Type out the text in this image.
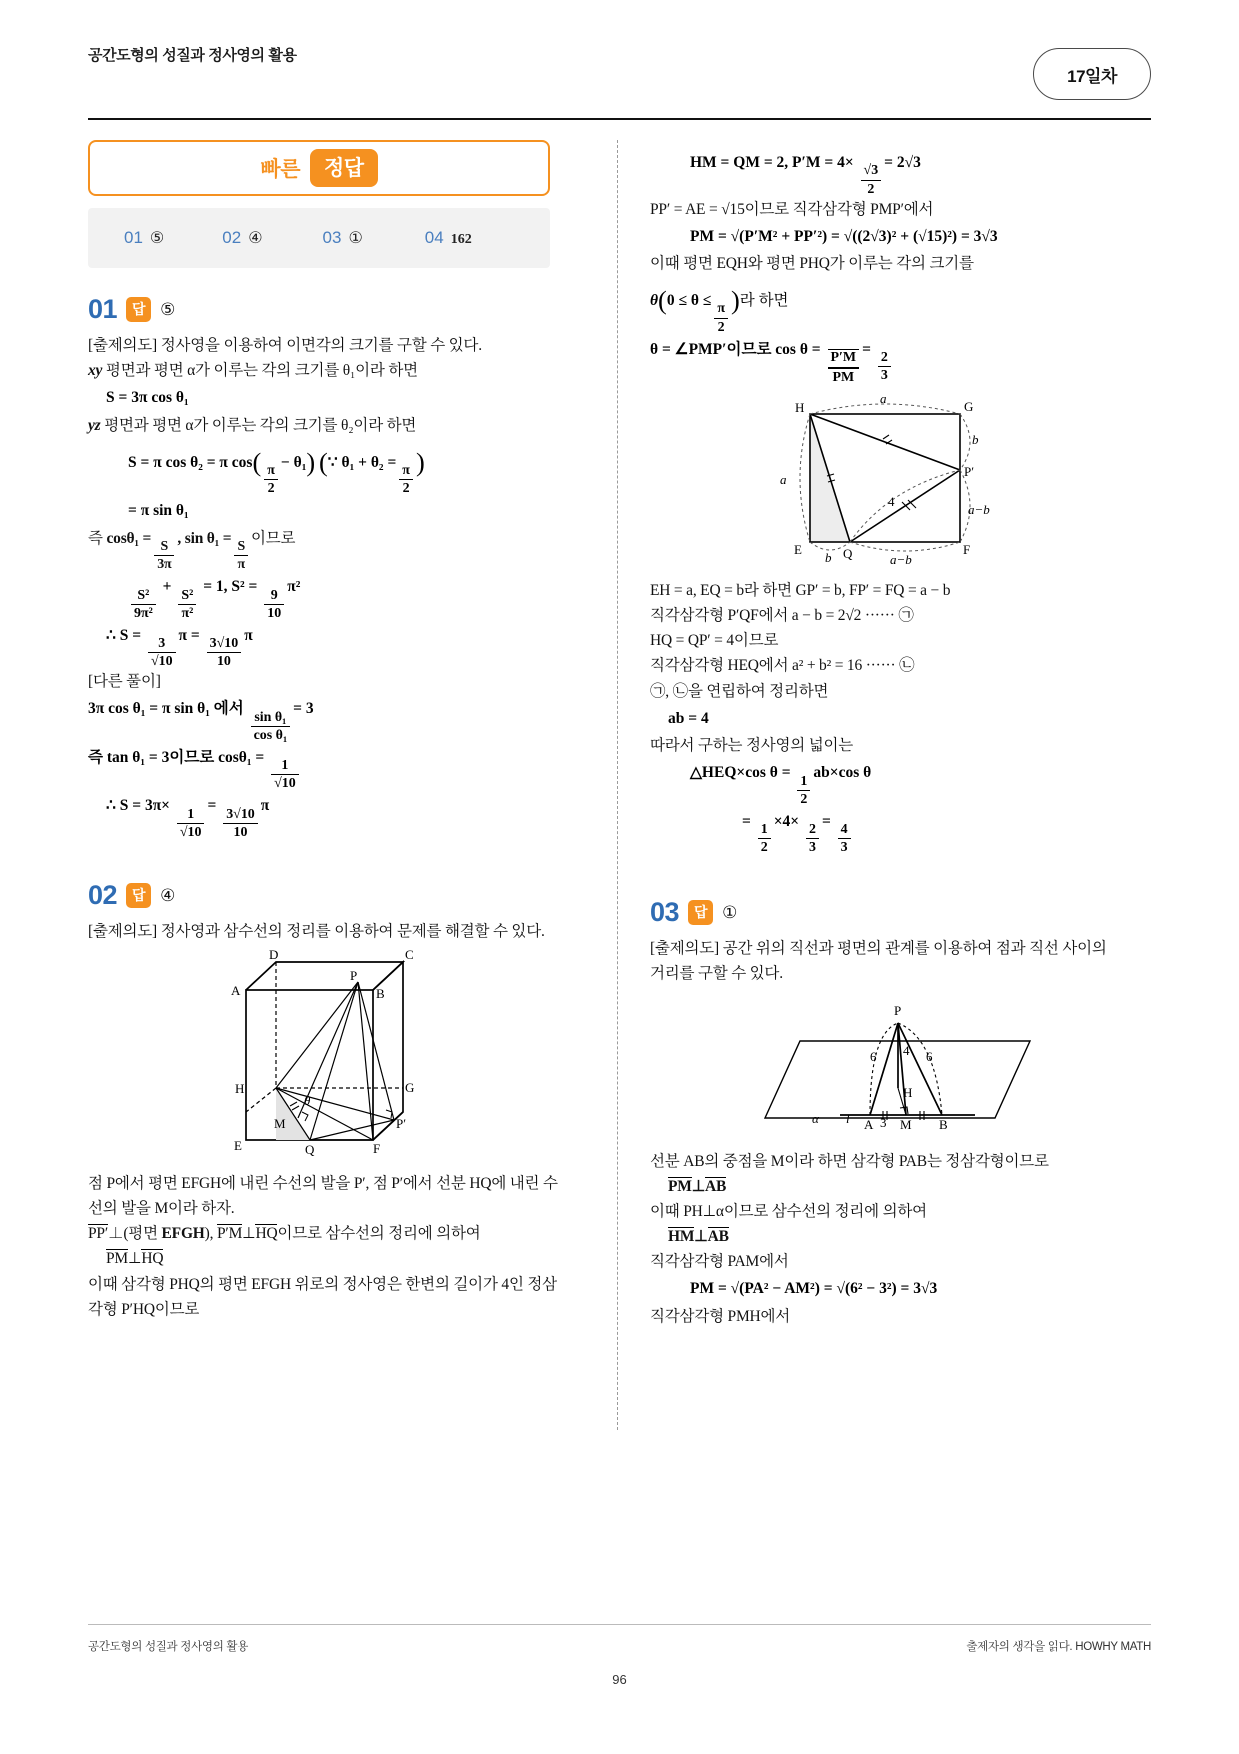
공간도형의 성질과 정사영의 활용
17일차
빠른	정답
01 ⑤	02 ④	03 ①	04 162
01	답 ⑤
[출제의도] 정사영을 이용하여 이면각의 크기를 구할 수 있다.
xy 평면과 평면 α가 이루는 각의 크기를 θ₁이라 하면
S = 3π cos θ₁
yz 평면과 평면 α가 이루는 각의 크기를 θ₂이라 하면
S = π cos θ₂ = π cos(
$\frac{\pi}{2}$
− θ₁) (∵ θ₁ + θ₂ =
$\frac{\pi}{2}$
)
= π sin θ₁
즉 cosθ₁ =
$\frac{S}{3\pi}$
, sin θ₁ =
$\frac{S}{\pi}$
이므로
$\frac{\text{S²}}{\text{9π²}}$
+
$\frac{\text{S²}}{\text{π²}}$
= 1, S² =
$\frac{9}{10}$
π²
∴ S =
$\frac{3}{√10}$
π =
$\frac{3√10}{10}$
π
[다른 풀이]
3π cos θ₁ = π sin θ₁ 에서
$\frac{\text{sin θ₁}}{\text{cos θ₁}}$
= 3
즉 tan θ₁ = 3이므로 cosθ₁ =
$\frac{1}{√10}$
∴ S = 3π×
$\frac{1}{√10}$
=
$\frac{3√10}{10}$
π
02	답 ④
[출제의도] 정사영과 삼수선의 정리를 이용하여 문제를 해결할 수 있다.
D	C
A	B
H	G
E	F
Q
P
P′
M
θ
점 P에서 평면 EFGH에 내린 수선의 발을 P′, 점 P′에서 선분 HQ에 내린 수선의 발을 M이라 하자.
PP′⊥(평면 EFGH), P′M⊥HQ이므로 삼수선의 정리에 의하여
PM⊥HQ
이때 삼각형 PHQ의 평면 EFGH 위로의 정사영은 한변의 길이가 4인 정삼각형 P′HQ이므로
HM = QM = 2, P′M = 4×
$\frac{√3}{2}$
= 2√3
PP′ = AE = √15이므로 직각삼각형 PMP′에서
PM = √(P′M² + PP′²) = √((2√3)² + (√15)²) = 3√3
이때 평면 EQH와 평면 PHQ가 이루는 각의 크기를
θ(0 ≤ θ ≤
$\frac{\pi}{2}$
)라 하면
θ = ∠PMP′이므로 $\cos \theta = \frac{P'M}{PM}$ =
$\frac{2}{3}$
H	G
E	F
Q
P′
a
a
b
a−b
b	a−b
4
EH = a, EQ = b라 하면 GP′ = b, FP′ = FQ = a − b
직각삼각형 P′QF에서 a − b = 2√2 ······ ㉠
HQ = QP′ = 4이므로
직각삼각형 HEQ에서 a² + b² = 16 ······ ㉡
㉠, ㉡을 연립하여 정리하면
ab = 4
따라서 구하는 정사영의 넓이는
△HEQ×cos θ =
$\frac{1}{2}$
ab×cos θ
=
$\frac{1}{2}$
×4×
$\frac{2}{3}$
=
$\frac{4}{3}$
03	답 ①
[출제의도] 공간 위의 직선과 평면의 관계를 이용하여 점과 직선 사이의 거리를 구할 수 있다.
P
H
A	B
M
l
α
6	6
4
3
선분 AB의 중점을 M이라 하면 삼각형 PAB는 정삼각형이므로
PM⊥AB
이때 PH⊥α이므로 삼수선의 정리에 의하여
HM⊥AB
직각삼각형 PAM에서
PM = √(PA² − AM²) = √(6² − 3²) = 3√3
직각삼각형 PMH에서
공간도형의 성질과 정사영의 활용	출제자의 생각을 읽다. HOWHY MATH
96
